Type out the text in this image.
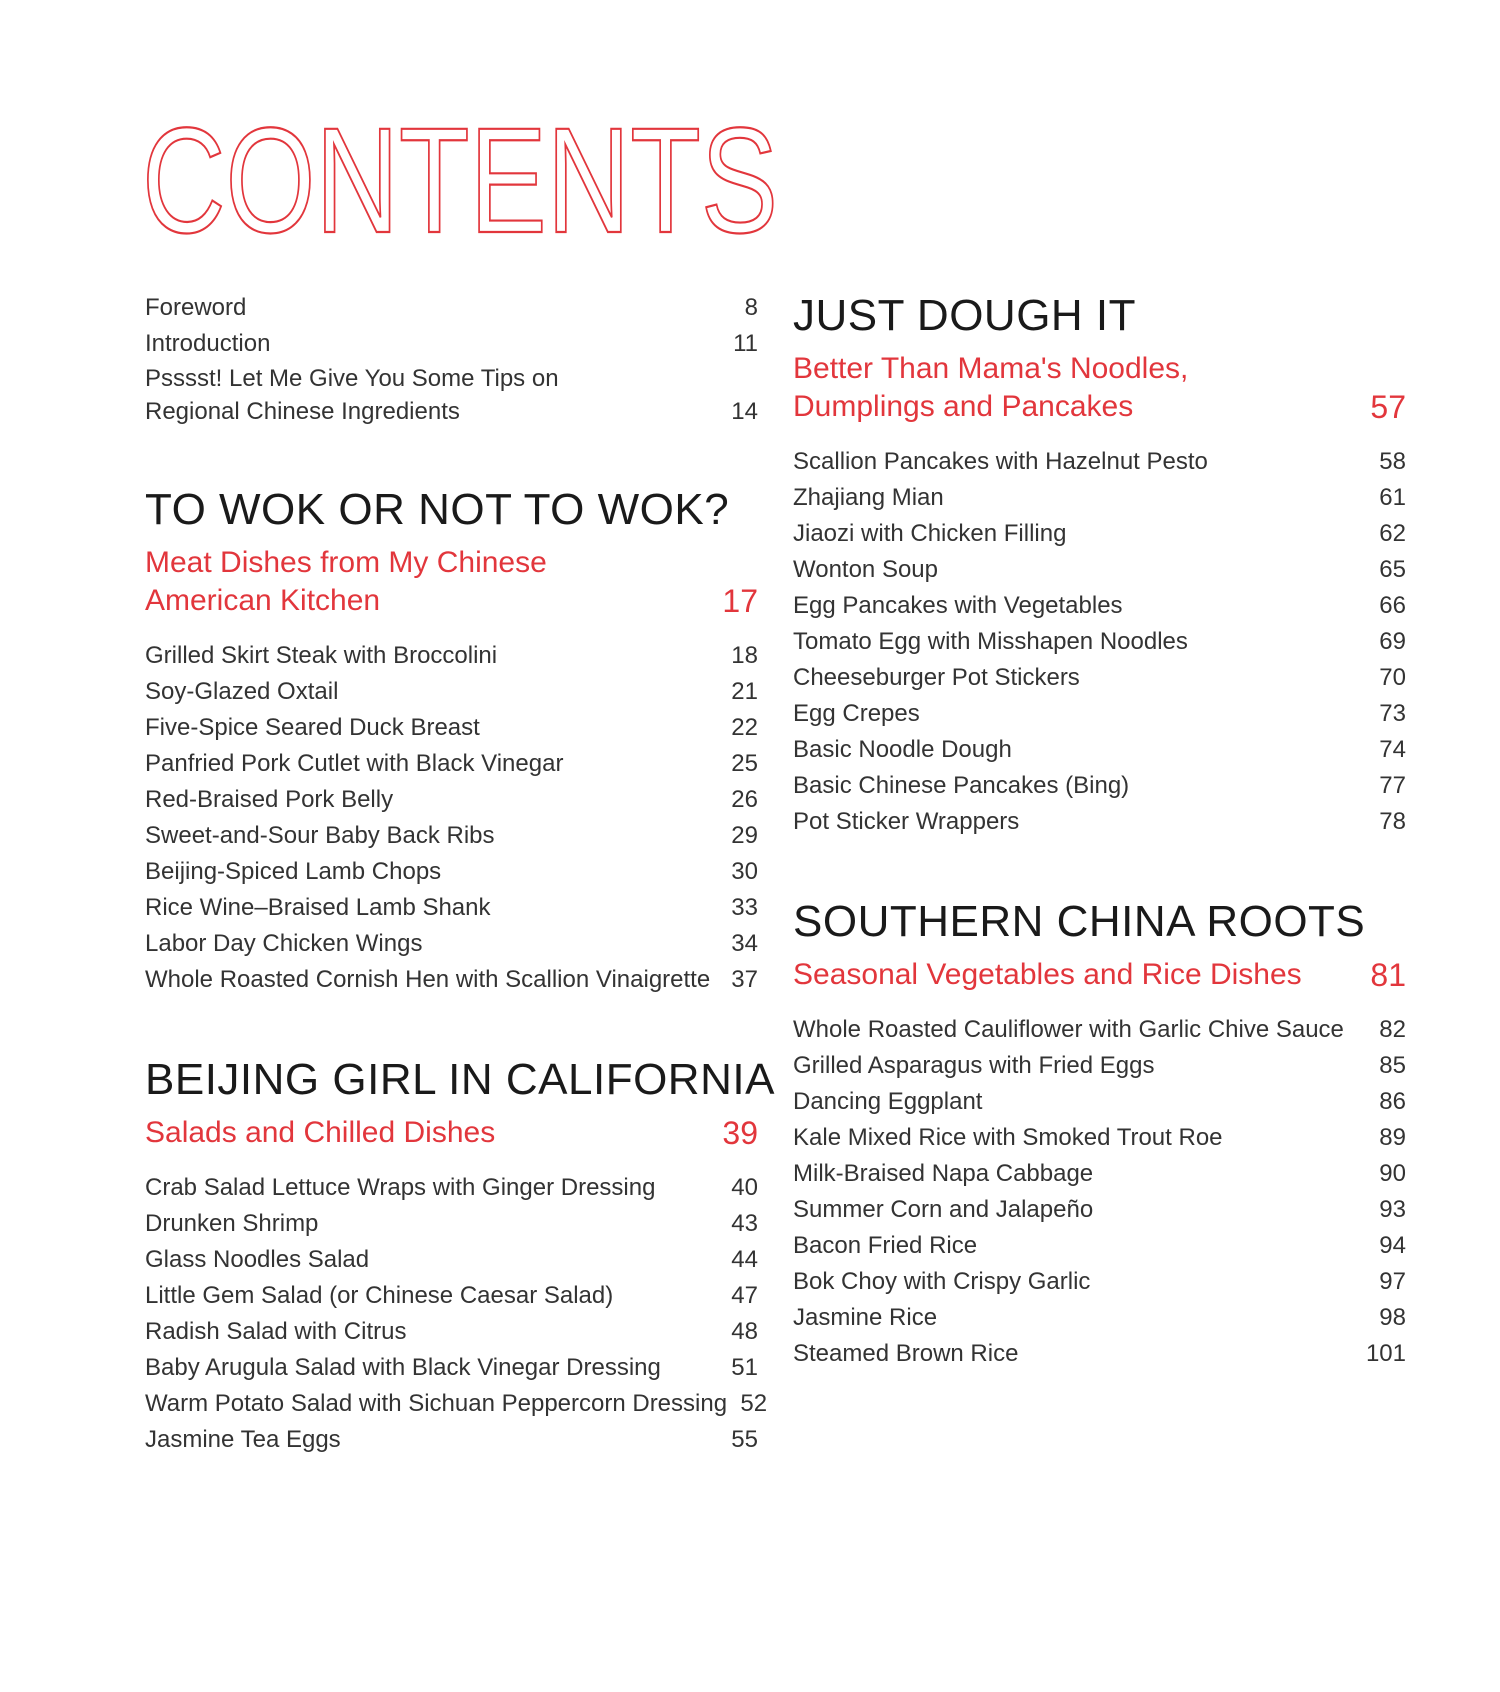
CONTENTS
Foreword	8
Introduction	11
Psssst! Let Me Give You Some Tips on Regional Chinese Ingredients	14
TO WOK OR NOT TO WOK?
Meat Dishes from My Chinese American Kitchen	17
Grilled Skirt Steak with Broccolini	18
Soy-Glazed Oxtail	21
Five-Spice Seared Duck Breast	22
Panfried Pork Cutlet with Black Vinegar	25
Red-Braised Pork Belly	26
Sweet-and-Sour Baby Back Ribs	29
Beijing-Spiced Lamb Chops	30
Rice Wine–Braised Lamb Shank	33
Labor Day Chicken Wings	34
Whole Roasted Cornish Hen with Scallion Vinaigrette 37
BEIJING GIRL IN CALIFORNIA
Salads and Chilled Dishes	39
Crab Salad Lettuce Wraps with Ginger Dressing	40
Drunken Shrimp	43
Glass Noodles Salad	44
Little Gem Salad (or Chinese Caesar Salad)	47
Radish Salad with Citrus	48
Baby Arugula Salad with Black Vinegar Dressing	51
Warm Potato Salad with Sichuan Peppercorn Dressing 52
Jasmine Tea Eggs	55
JUST DOUGH IT
Better Than Mama's Noodles, Dumplings and Pancakes	57
Scallion Pancakes with Hazelnut Pesto	58
Zhajiang Mian	61
Jiaozi with Chicken Filling	62
Wonton Soup	65
Egg Pancakes with Vegetables	66
Tomato Egg with Misshapen Noodles	69
Cheeseburger Pot Stickers	70
Egg Crepes	73
Basic Noodle Dough	74
Basic Chinese Pancakes (Bing)	77
Pot Sticker Wrappers	78
SOUTHERN CHINA ROOTS
Seasonal Vegetables and Rice Dishes	81
Whole Roasted Cauliflower with Garlic Chive Sauce	82
Grilled Asparagus with Fried Eggs	85
Dancing Eggplant	86
Kale Mixed Rice with Smoked Trout Roe	89
Milk-Braised Napa Cabbage	90
Summer Corn and Jalapeño	93
Bacon Fried Rice	94
Bok Choy with Crispy Garlic	97
Jasmine Rice	98
Steamed Brown Rice	101
